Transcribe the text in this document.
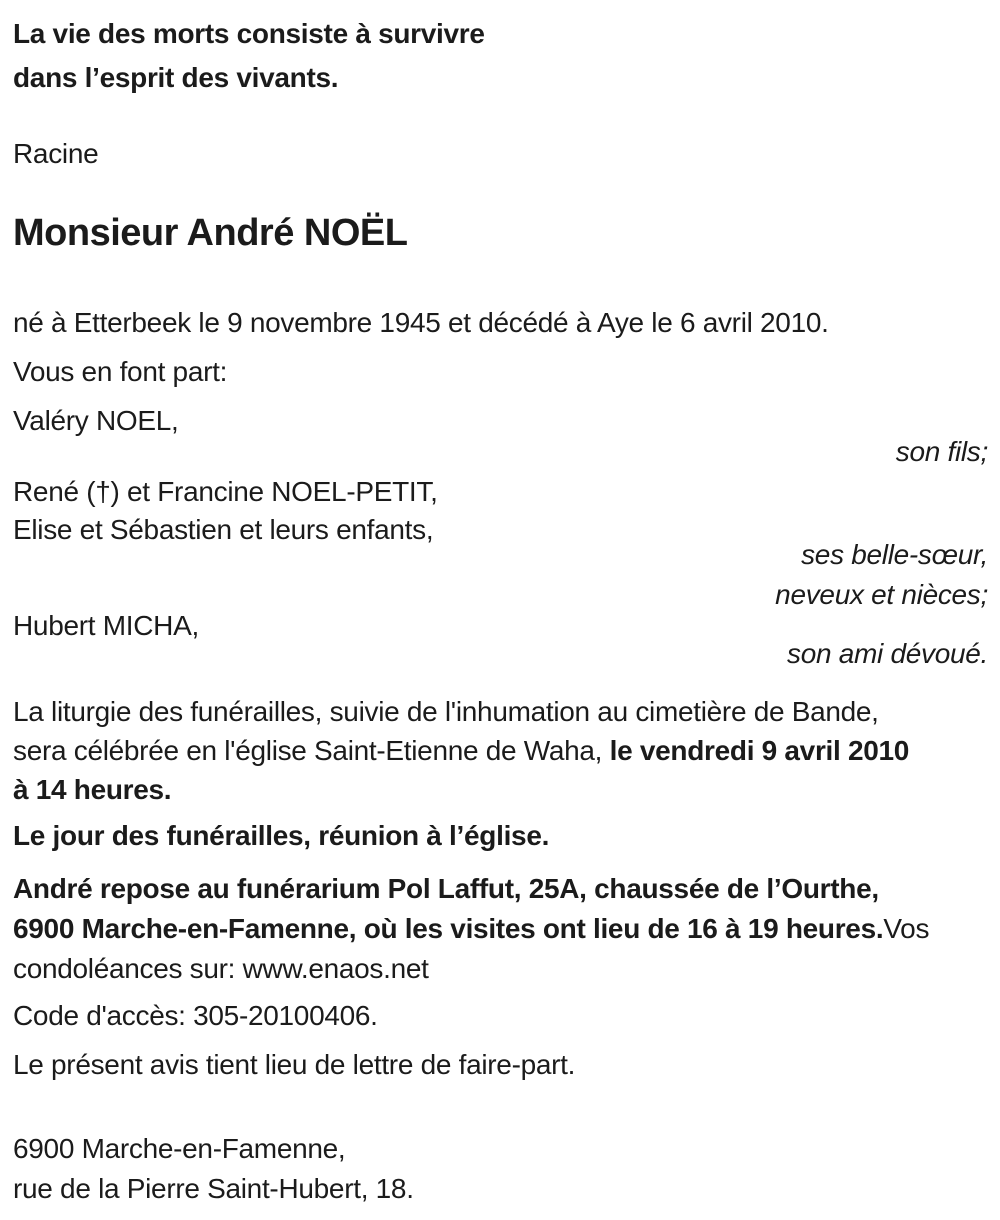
La vie des morts consiste à survivre
dans l’esprit des vivants.

Racine

Monsieur André NOËL

né à Etterbeek le 9 novembre 1945 et décédé à Aye le 6 avril 2010.

Vous en font part:

Valéry NOEL,

son fils;

René (†) et Francine NOEL-PETIT,
Elise et Sébastien et leurs enfants,

ses belle-sœur,
neveux et nièces;

Hubert MICHA,

son ami dévoué.

La liturgie des funérailles, suivie de l'inhumation au cimetière de Bande,
sera célébrée en l'église Saint-Etienne de Waha, le vendredi 9 avril 2010
à 14 heures.

Le jour des funérailles, réunion à l’église.

André repose au funérarium Pol Laffut, 25A, chaussée de l’Ourthe,
6900 Marche-en-Famenne, où les visites ont lieu de 16 à 19 heures.Vos
condoléances sur: www.enaos.net

Code d'accès: 305-20100406.

Le présent avis tient lieu de lettre de faire-part.

6900 Marche-en-Famenne,
rue de la Pierre Saint-Hubert, 18.
